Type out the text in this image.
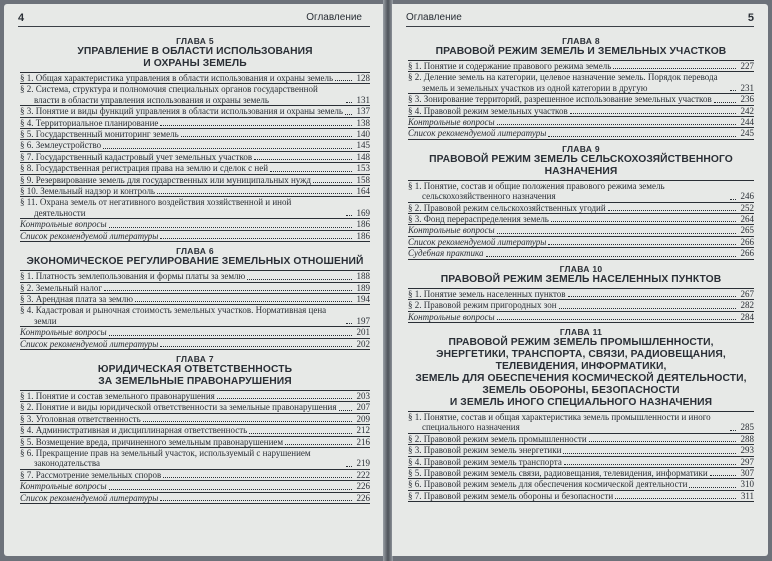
4	Оглавление
ГЛАВА 5
УПРАВЛЕНИЕ В ОБЛАСТИ ИСПОЛЬЗОВАНИЯ
И ОХРАНЫ ЗЕМЕЛЬ
§ 1. Общая характеристика управления в области использования и охраны земель	128
§ 2. Система, структура и полномочия специальных органов государственной власти в области управления использования и охраны земель	131
§ 3. Понятие и виды функций управления в области использования и охраны земель 137
§ 4. Территориальное планирование	138
§ 5. Государственный мониторинг земель	140
§ 6. Землеустройство	145
§ 7. Государственный кадастровый учет земельных участков	148
§ 8. Государственная регистрация права на землю и сделок с ней	153
§ 9. Резервирование земель для государственных или муниципальных нужд	158
§ 10. Земельный надзор и контроль	164
§ 11. Охрана земель от негативного воздействия хозяйственной и иной деятельности	169
Контрольные вопросы	186
Список рекомендуемой литературы	186
ГЛАВА 6
ЭКОНОМИЧЕСКОЕ РЕГУЛИРОВАНИЕ ЗЕМЕЛЬНЫХ ОТНОШЕНИЙ
§ 1. Платность землепользования и формы платы за землю	188
§ 2. Земельный налог	189
§ 3. Арендная плата за землю	194
§ 4. Кадастровая и рыночная стоимость земельных участков. Нормативная цена земли	197
Контрольные вопросы	201
Список рекомендуемой литературы	202
ГЛАВА 7
ЮРИДИЧЕСКАЯ ОТВЕТСТВЕННОСТЬ
ЗА ЗЕМЕЛЬНЫЕ ПРАВОНАРУШЕНИЯ
§ 1. Понятие и состав земельного правонарушения	203
§ 2. Понятие и виды юридической ответственности за земельные правонарушения 207
§ 3. Уголовная ответственность	209
§ 4. Административная и дисциплинарная ответственность	212
§ 5. Возмещение вреда, причиненного земельным правонарушением	216
§ 6. Прекращение прав на земельный участок, используемый с нарушением законодательства	219
§ 7. Рассмотрение земельных споров	222
Контрольные вопросы	226
Список рекомендуемой литературы	226
Оглавление	5
ГЛАВА 8
ПРАВОВОЙ РЕЖИМ ЗЕМЕЛЬ И ЗЕМЕЛЬНЫХ УЧАСТКОВ
§ 1. Понятие и содержание правового режима земель	227
§ 2. Деление земель на категории, целевое назначение земель. Порядок перевода земель и земельных участков из одной категории в другую	231
§ 3. Зонирование территорий, разрешенное использование земельных участков	236
§ 4. Правовой режим земельных участков	242
Контрольные вопросы	244
Список рекомендуемой литературы	245
ГЛАВА 9
ПРАВОВОЙ РЕЖИМ ЗЕМЕЛЬ СЕЛЬСКОХОЗЯЙСТВЕННОГО
НАЗНАЧЕНИЯ
§ 1. Понятие, состав и общие положения правового режима земель сельскохозяйственного назначения	246
§ 2. Правовой режим сельскохозяйственных угодий	252
§ 3. Фонд перераспределения земель	264
Контрольные вопросы	265
Список рекомендуемой литературы	266
Судебная практика	266
ГЛАВА 10
ПРАВОВОЙ РЕЖИМ ЗЕМЕЛЬ НАСЕЛЕННЫХ ПУНКТОВ
§ 1. Понятие земель населенных пунктов	267
§ 2. Правовой режим пригородных зон	282
Контрольные вопросы	284
ГЛАВА 11
ПРАВОВОЙ РЕЖИМ ЗЕМЕЛЬ ПРОМЫШЛЕННОСТИ,
ЭНЕРГЕТИКИ, ТРАНСПОРТА, СВЯЗИ, РАДИОВЕЩАНИЯ,
ТЕЛЕВИДЕНИЯ, ИНФОРМАТИКИ,
ЗЕМЕЛЬ ДЛЯ ОБЕСПЕЧЕНИЯ КОСМИЧЕСКОЙ ДЕЯТЕЛЬНОСТИ,
ЗЕМЕЛЬ ОБОРОНЫ, БЕЗОПАСНОСТИ
И ЗЕМЕЛЬ ИНОГО СПЕЦИАЛЬНОГО НАЗНАЧЕНИЯ
§ 1. Понятие, состав и общая характеристика земель промышленности и иного специального назначения	285
§ 2. Правовой режим земель промышленности	288
§ 3. Правовой режим земель энергетики	293
§ 4. Правовой режим земель транспорта	297
§ 5. Правовой режим земель связи, радиовещания, телевидения, информатики	307
§ 6. Правовой режим земель для обеспечения космической деятельности	310
§ 7. Правовой режим земель обороны и безопасности	311
